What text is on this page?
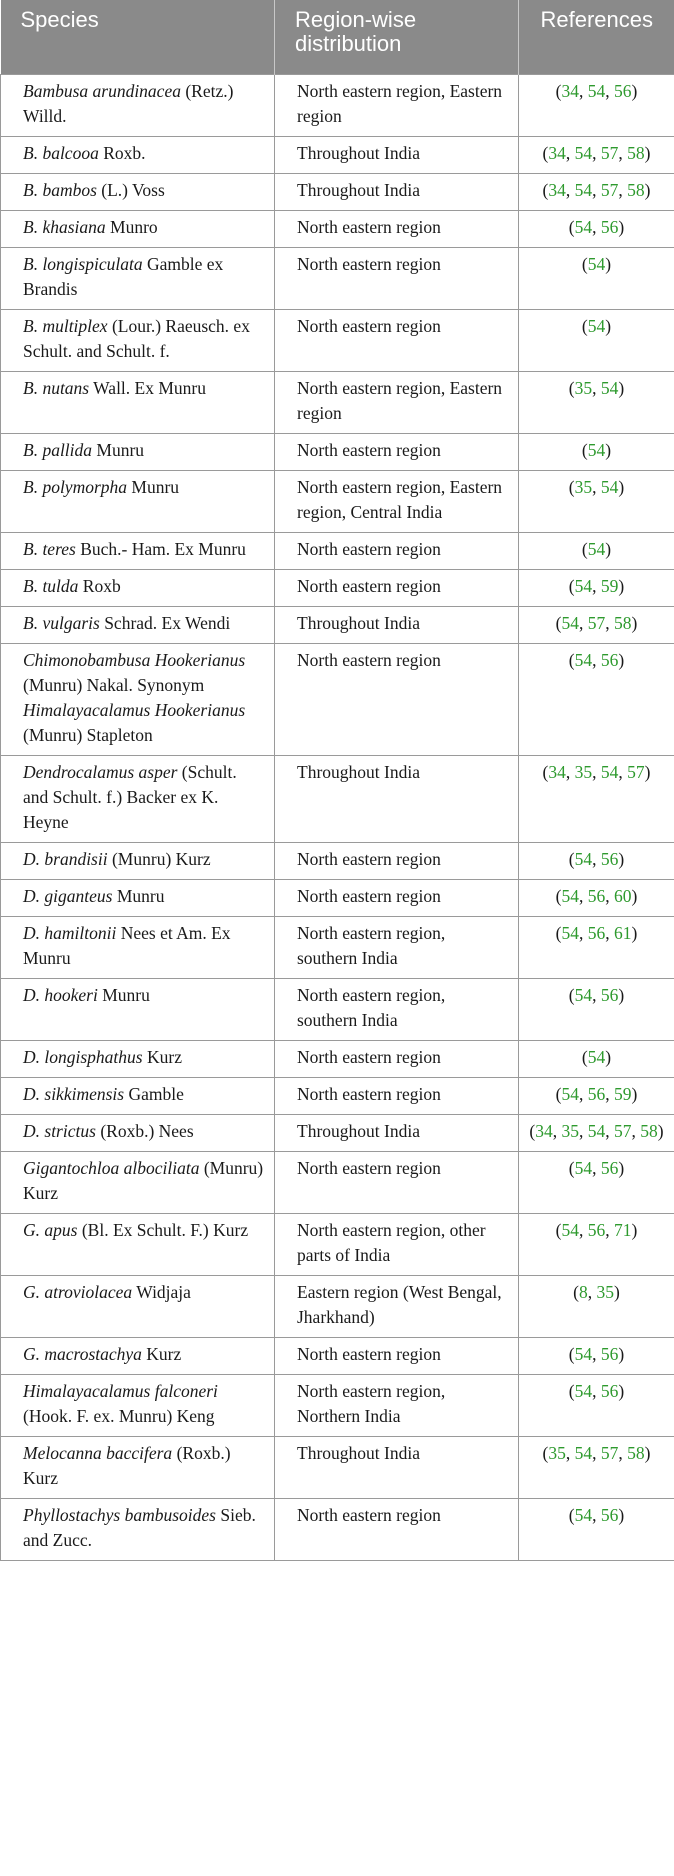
Species	Region-wise distribution	References
Bambusa arundinacea (Retz.) Willd.	North eastern region, Eastern region	(34, 54, 56)
B. balcooa Roxb.	Throughout India	(34, 54, 57, 58)
B. bambos (L.) Voss	Throughout India	(34, 54, 57, 58)
B. khasiana Munro	North eastern region	(54, 56)
B. longispiculata Gamble ex Brandis	North eastern region	(54)
B. multiplex (Lour.) Raeusch. ex Schult. and Schult. f.	North eastern region	(54)
B. nutans Wall. Ex Munru	North eastern region, Eastern region	(35, 54)
B. pallida Munru	North eastern region	(54)
B. polymorpha Munru	North eastern region, Eastern region, Central India	(35, 54)
B. teres Buch.- Ham. Ex Munru	North eastern region	(54)
B. tulda Roxb	North eastern region	(54, 59)
B. vulgaris Schrad. Ex Wendi	Throughout India	(54, 57, 58)
Chimonobambusa Hookerianus (Munru) Nakal. Synonym Himalayacalamus Hookerianus (Munru) Stapleton	North eastern region	(54, 56)
Dendrocalamus asper (Schult. and Schult. f.) Backer ex K. Heyne	Throughout India	(34, 35, 54, 57)
D. brandisii (Munru) Kurz	North eastern region	(54, 56)
D. giganteus Munru	North eastern region	(54, 56, 60)
D. hamiltonii Nees et Am. Ex Munru	North eastern region, southern India	(54, 56, 61)
D. hookeri Munru	North eastern region, southern India	(54, 56)
D. longisphathus Kurz	North eastern region	(54)
D. sikkimensis Gamble	North eastern region	(54, 56, 59)
D. strictus (Roxb.) Nees	Throughout India	(34, 35, 54, 57, 58)
Gigantochloa albociliata (Munru) Kurz	North eastern region	(54, 56)
G. apus (Bl. Ex Schult. F.) Kurz	North eastern region, other parts of India	(54, 56, 71)
G. atroviolacea Widjaja	Eastern region (West Bengal, Jharkhand)	(8, 35)
G. macrostachya Kurz	North eastern region	(54, 56)
Himalayacalamus falconeri (Hook. F. ex. Munru) Keng	North eastern region, Northern India	(54, 56)
Melocanna baccifera (Roxb.) Kurz	Throughout India	(35, 54, 57, 58)
Phyllostachys bambusoides Sieb. and Zucc.	North eastern region	(54, 56)
